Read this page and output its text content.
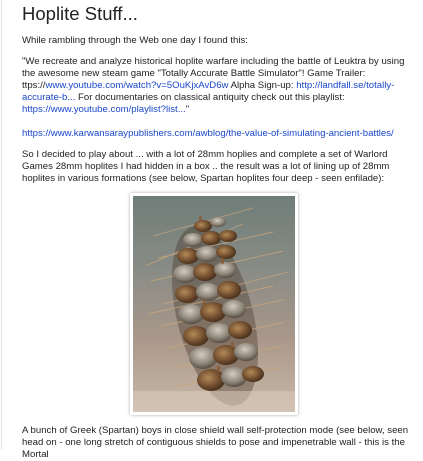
Hoplite Stuff...

While rambling through the Web one day I found this:

"We recreate and analyze historical hoplite warfare including the battle of Leuktra by using the awesome new steam game "Totally Accurate Battle Simulator"! Game Trailer: ttps://www.youtube.com/watch?v=5OuKjxAvD6w Alpha Sign-up: http://landfall.se/totally-accurate-b... For documentaries on classical antiquity check out this playlist: https://www.youtube.com/playlist?list..."

https://www.karwansaraypublishers.com/awblog/the-value-of-simulating-ancient-battles/

So I decided to play about ... with a lot of 28mm hoplies and complete a set of Warlord Games 28mm hoplites I had hidden in a box .. the result was a lot of lining up of 28mm hoplites in various formations (see below, Spartan hoplites four deep - seen enfilade):

A bunch of Greek (Spartan) boys in close shield wall self-protection mode (see below, seen head on - one long stretch of contiguous shields to pose and impenetrable wall - this is the Mortal
